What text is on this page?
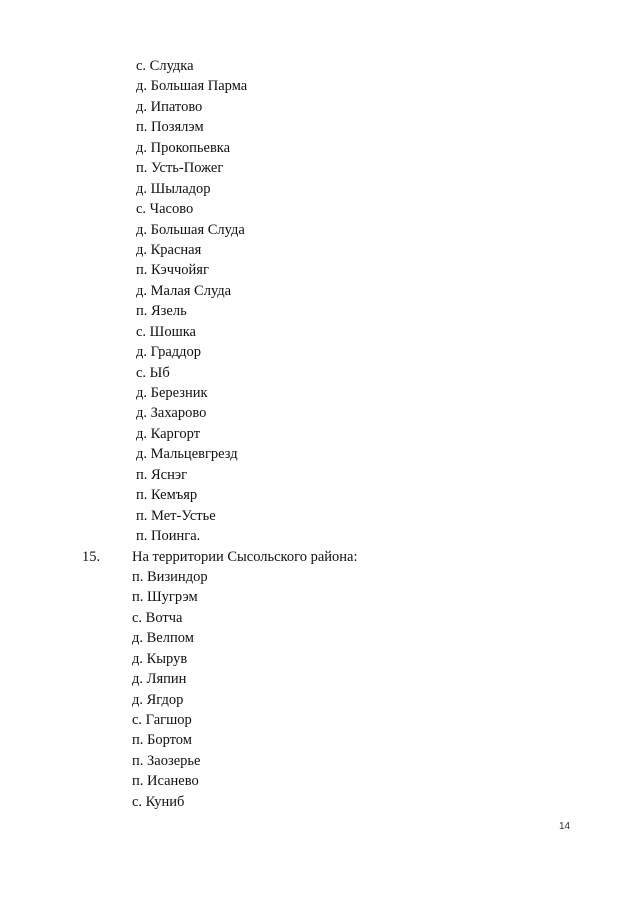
с. Слудка
д. Большая Парма
д. Ипатово
п. Позялэм
д. Прокопьевка
п. Усть-Пожег
д. Шыладор
с. Часово
д. Большая Слуда
д. Красная
п. Кэччойяг
д. Малая Слуда
п. Язель
с. Шошка
д. Граддор
с. Ыб
д. Березник
д. Захарово
д. Каргорт
д. Мальцевгрезд
п. Яснэг
п. Кемъяр
п. Мет-Устье
п. Поинга.
15. На территории Сысольского района:
п. Визиндор
п. Шугрэм
с. Вотча
д. Велпом
д. Кырув
д. Ляпин
д. Ягдор
с. Гагшор
п. Бортом
п. Заозерье
п. Исанево
с. Куниб
14
